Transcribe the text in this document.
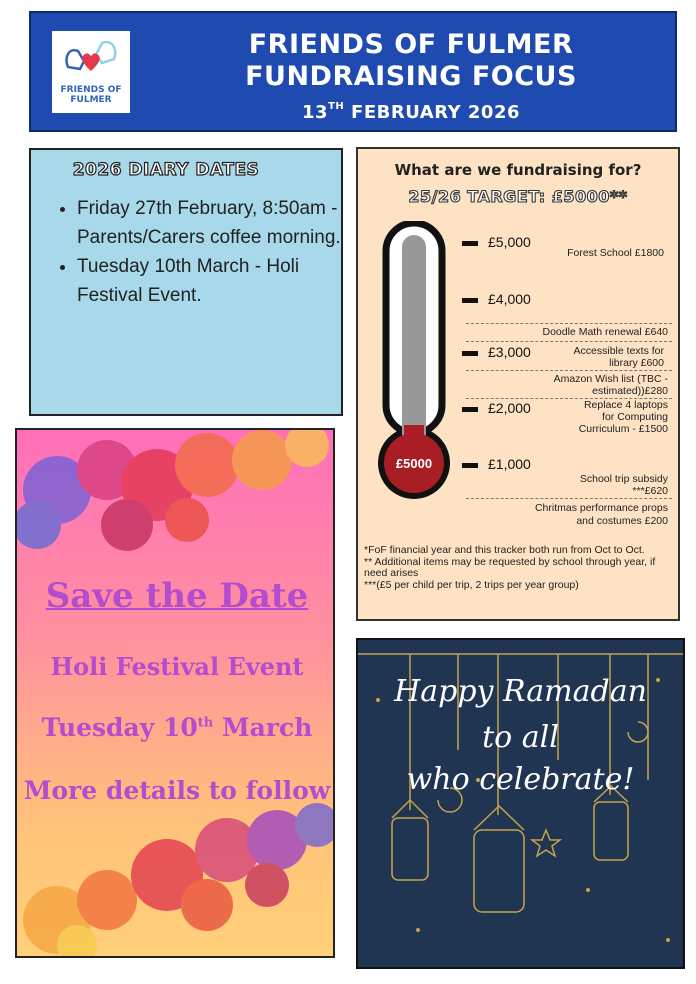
FRIENDS OF
FULMER
FRIENDS OF FULMER
FUNDRAISING FOCUS
13TH FEBRUARY 2026
2026 DIARY DATES
• Friday 27th February, 8:50am - Parents/Carers coffee morning.
• Tuesday 10th March - Holi Festival Event.
What are we fundraising for?
25/26 TARGET: £5000**
£5000
£5,000
£4,000
£3,000
£2,000
£1,000
Forest School £1800
Doodle Math renewal £640
Accessible texts for
library £600
Amazon Wish list (TBC -
estimated))£280
Replace 4 laptops
for Computing
Curriculum - £1500
School trip subsidy
***£620
Chritmas performance props
and costumes £200
*FoF financial year and this tracker both run from Oct to Oct.
** Additional items may be requested by school through year, if need arises
***(£5 per child per trip, 2 trips per year group)
Save the Date
Holi Festival Event
Tuesday 10th March
More details to follow
Happy Ramadan
to all
who celebrate!
